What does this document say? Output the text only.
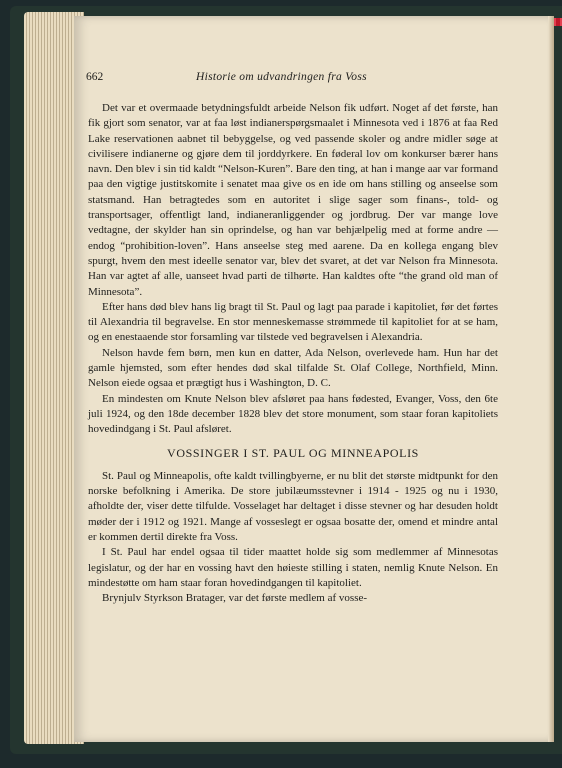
662	Historie om udvandringen fra Voss

Det var et overmaade betydningsfuldt arbeide Nelson fik udført. Noget af det første, han fik gjort som senator, var at faa løst indianerspørgsmaalet i Minnesota ved i 1876 at faa Red Lake reservationen aabnet til bebyggelse, og ved passende skoler og andre midler søge at civilisere indianerne og gjøre dem til jorddyrkere. En føderal lov om konkurser bærer hans navn. Den blev i sin tid kaldt “Nelson-Kuren”. Bare den ting, at han i mange aar var formand paa den vigtige justitskomite i senatet maa give os en ide om hans stilling og anseelse som statsmand. Han betragtedes som en autoritet i slige sager som finans-, told- og transportsager, offentligt land, indianeranliggender og jordbrug. Der var mange love vedtagne, der skylder han sin oprindelse, og han var behjælpelig med at forme andre — endog “prohibition-loven”. Hans anseelse steg med aarene. Da en kollega engang blev spurgt, hvem den mest ideelle senator var, blev det svaret, at det var Nelson fra Minnesota. Han var agtet af alle, uanseet hvad parti de tilhørte. Han kaldtes ofte “the grand old man of Minnesota”.

Efter hans død blev hans lig bragt til St. Paul og lagt paa parade i kapitoliet, før det førtes til Alexandria til begravelse. En stor menneskemasse strømmede til kapitoliet for at se ham, og en enestaaende stor forsamling var tilstede ved begravelsen i Alexandria.

Nelson havde fem børn, men kun en datter, Ada Nelson, overlevede ham. Hun har det gamle hjemsted, som efter hendes død skal tilfalde St. Olaf College, Northfield, Minn. Nelson eiede ogsaa et prægtigt hus i Washington, D. C.

En mindesten om Knute Nelson blev afsløret paa hans fødested, Evanger, Voss, den 6te juli 1924, og den 18de december 1828 blev det store monument, som staar foran kapitoliets hovedindgang i St. Paul afsløret.

VOSSINGER I ST. PAUL OG MINNEAPOLIS

St. Paul og Minneapolis, ofte kaldt tvillingbyerne, er nu blit det største midtpunkt for den norske befolkning i Amerika. De store jubilæumsstevner i 1914 - 1925 og nu i 1930, afholdte der, viser dette tilfulde. Vosselaget har deltaget i disse stevner og har desuden holdt møder der i 1912 og 1921. Mange af vosseslegt er ogsaa bosatte der, omend et mindre antal er kommen dertil direkte fra Voss.

I St. Paul har endel ogsaa til tider maattet holde sig som medlemmer af Minnesotas legislatur, og der har en vossing havt den høieste stilling i staten, nemlig Knute Nelson. En mindestøtte om ham staar foran hovedindgangen til kapitoliet.

Brynjulv Styrkson Bratager, var det første medlem af vosse-
